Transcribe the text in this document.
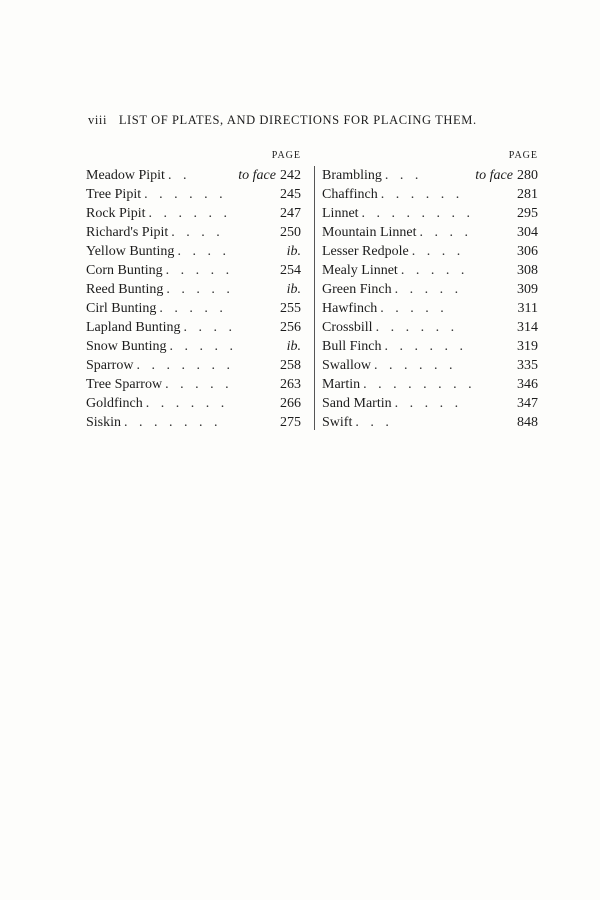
viii LIST OF PLATES, AND DIRECTIONS FOR PLACING THEM.
PAGE
Meadow Pipit . .	to face 242
Tree Pipit . . . . . .	245
Rock Pipit . . . . . .	247
Richard's Pipit . . . .	250
Yellow Bunting . . . .	ib.
Corn Bunting . . . . .	254
Reed Bunting . . . . .	ib.
Cirl Bunting . . . . .	255
Lapland Bunting . . . .	256
Snow Bunting . . . . .	ib.
Sparrow . . . . . . .	258
Tree Sparrow . . . . .	263
Goldfinch . . . . . .	266
Siskin . . . . . . .	275
PAGE
Brambling . . .	to face 280
Chaffinch . . . . . .	281
Linnet . . . . . . . .	295
Mountain Linnet . . . .	304
Lesser Redpole . . . .	306
Mealy Linnet . . . . .	308
Green Finch . . . . .	309
Hawfinch . . . . .	311
Crossbill . . . . . .	314
Bull Finch . . . . . .	319
Swallow . . . . . .	335
Martin . . . . . . . .	346
Sand Martin . . . . .	347
Swift . . .	848
